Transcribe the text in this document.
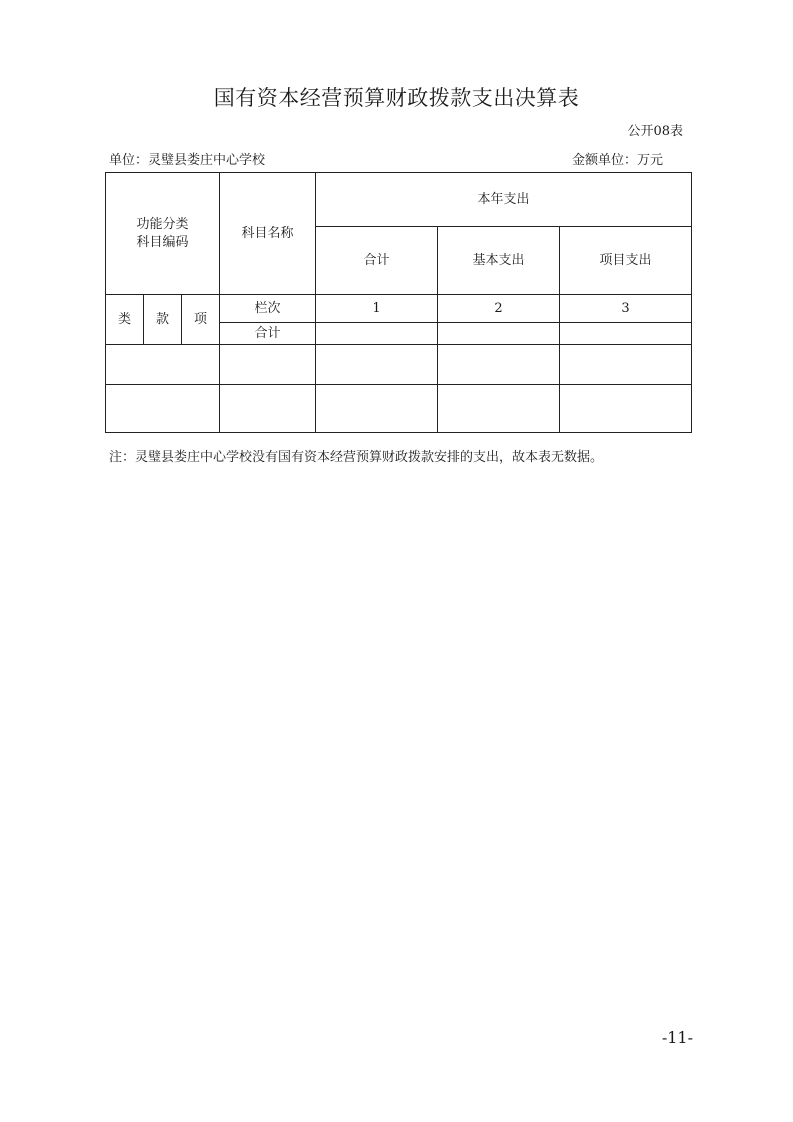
国有资本经营预算财政拨款支出决算表
公开08表
单位：灵璧县娄庄中心学校	金额单位：万元
功能分类
科目编码			科目名称	本年支出		
				合计	基本支出	项目支出
类	款	项	栏次	1	2	3
			合计			

注：灵璧县娄庄中心学校没有国有资本经营预算财政拨款安排的支出，故本表无数据。
-11-
